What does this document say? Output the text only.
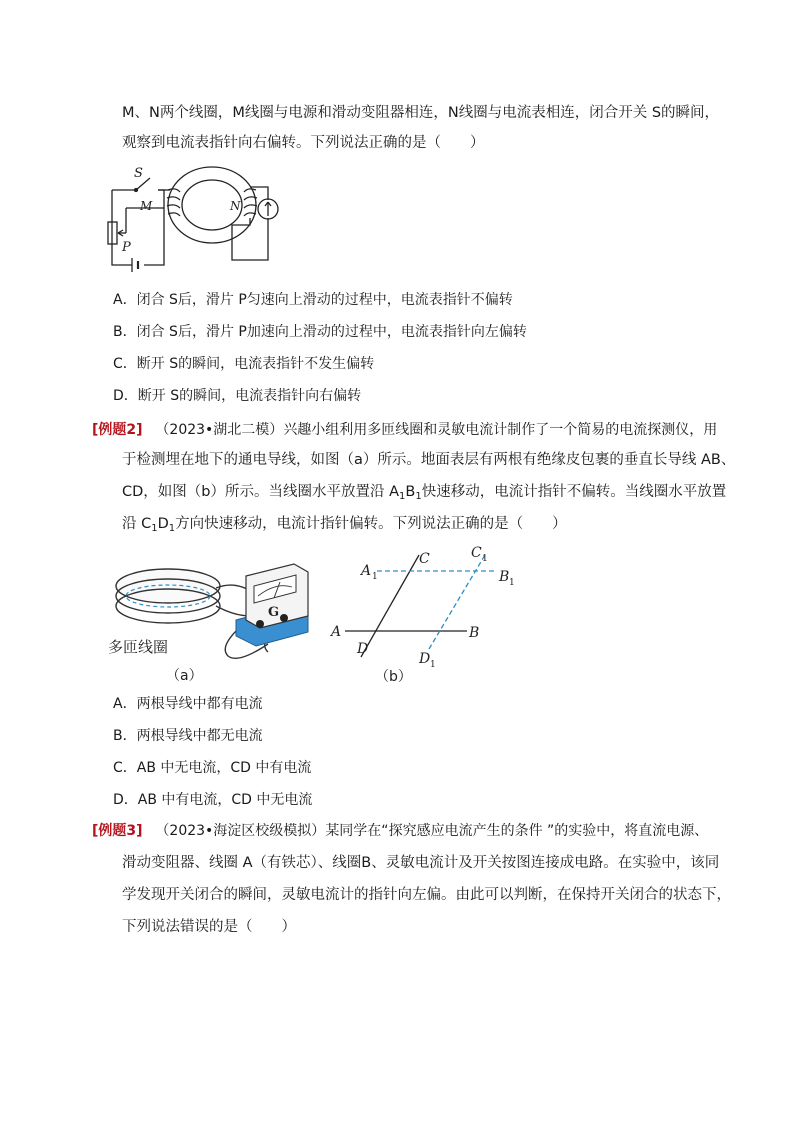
M、N两个线圈，M线圈与电源和滑动变阻器相连，N线圈与电流表相连，闭合开关 S的瞬间，
观察到电流表指针向右偏转。下列说法正确的是（　　）
S
M	N
P
A．闭合 S后，滑片 P匀速向上滑动的过程中，电流表指针不偏转
B．闭合 S后，滑片 P加速向上滑动的过程中，电流表指针向左偏转
C．断开 S的瞬间，电流表指针不发生偏转
D．断开 S的瞬间，电流表指针向右偏转
[例题2] （2023•湖北二模）兴趣小组利用多匝线圈和灵敏电流计制作了一个简易的电流探测仪，用
于检测埋在地下的通电导线，如图（a）所示。地面表层有两根有绝缘皮包裹的垂直长导线 AB、
CD，如图（b）所示。当线圈水平放置沿 $A_1B_1$快速移动，电流计指针不偏转。当线圈水平放置
沿 $C_1D_1$方向快速移动，电流计指针偏转。下列说法正确的是（　　）
G
多匝线圈
（a）
A	B
C
D
A 1	B 1
C 1
D 1
（b）
A．两根导线中都有电流
B．两根导线中都无电流
C．AB 中无电流，CD 中有电流
D．AB 中有电流，CD 中无电流
[例题3] （2023•海淀区校级模拟）某同学在“探究感应电流产生的条件 ”的实验中，将直流电源、
滑动变阻器、线圈 A（有铁芯）、线圈B、灵敏电流计及开关按图连接成电路。在实验中，该同
学发现开关闭合的瞬间，灵敏电流计的指针向左偏。由此可以判断，在保持开关闭合的状态下，
下列说法错误的是（　　）
